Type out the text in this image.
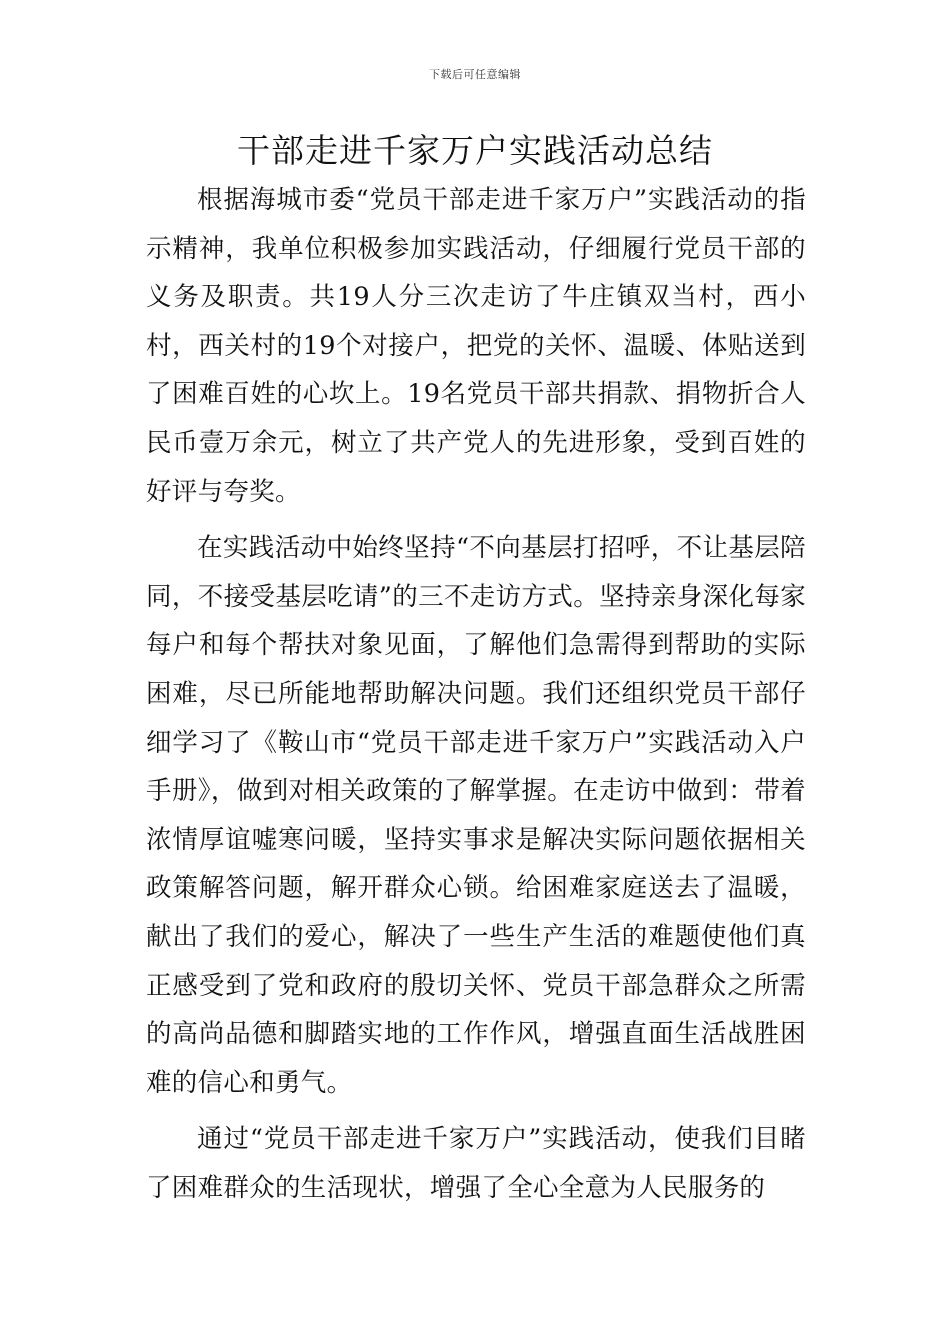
下载后可任意编辑
干部走进千家万户实践活动总结

根据海城市委“党员干部走进千家万户”实践活动的指示精神，我单位积极参加实践活动，仔细履行党员干部的义务及职责。共19人分三次走访了牛庄镇双当村，西小村，西关村的19个对接户，把党的关怀、温暖、体贴送到了困难百姓的心坎上。19名党员干部共捐款、捐物折合人民币壹万余元，树立了共产党人的先进形象，受到百姓的好评与夸奖。

在实践活动中始终坚持“不向基层打招呼，不让基层陪同，不接受基层吃请”的三不走访方式。坚持亲身深化每家每户和每个帮扶对象见面，了解他们急需得到帮助的实际困难，尽已所能地帮助解决问题。我们还组织党员干部仔细学习了《鞍山市“党员干部走进千家万户”实践活动入户手册》，做到对相关政策的了解掌握。在走访中做到：带着浓情厚谊嘘寒问暖，坚持实事求是解决实际问题依据相关政策解答问题，解开群众心锁。给困难家庭送去了温暖，献出了我们的爱心，解决了一些生产生活的难题使他们真正感受到了党和政府的殷切关怀、党员干部急群众之所需的高尚品德和脚踏实地的工作作风，增强直面生活战胜困难的信心和勇气。

通过“党员干部走进千家万户”实践活动，使我们目睹了困难群众的生活现状，增强了全心全意为人民服务的
